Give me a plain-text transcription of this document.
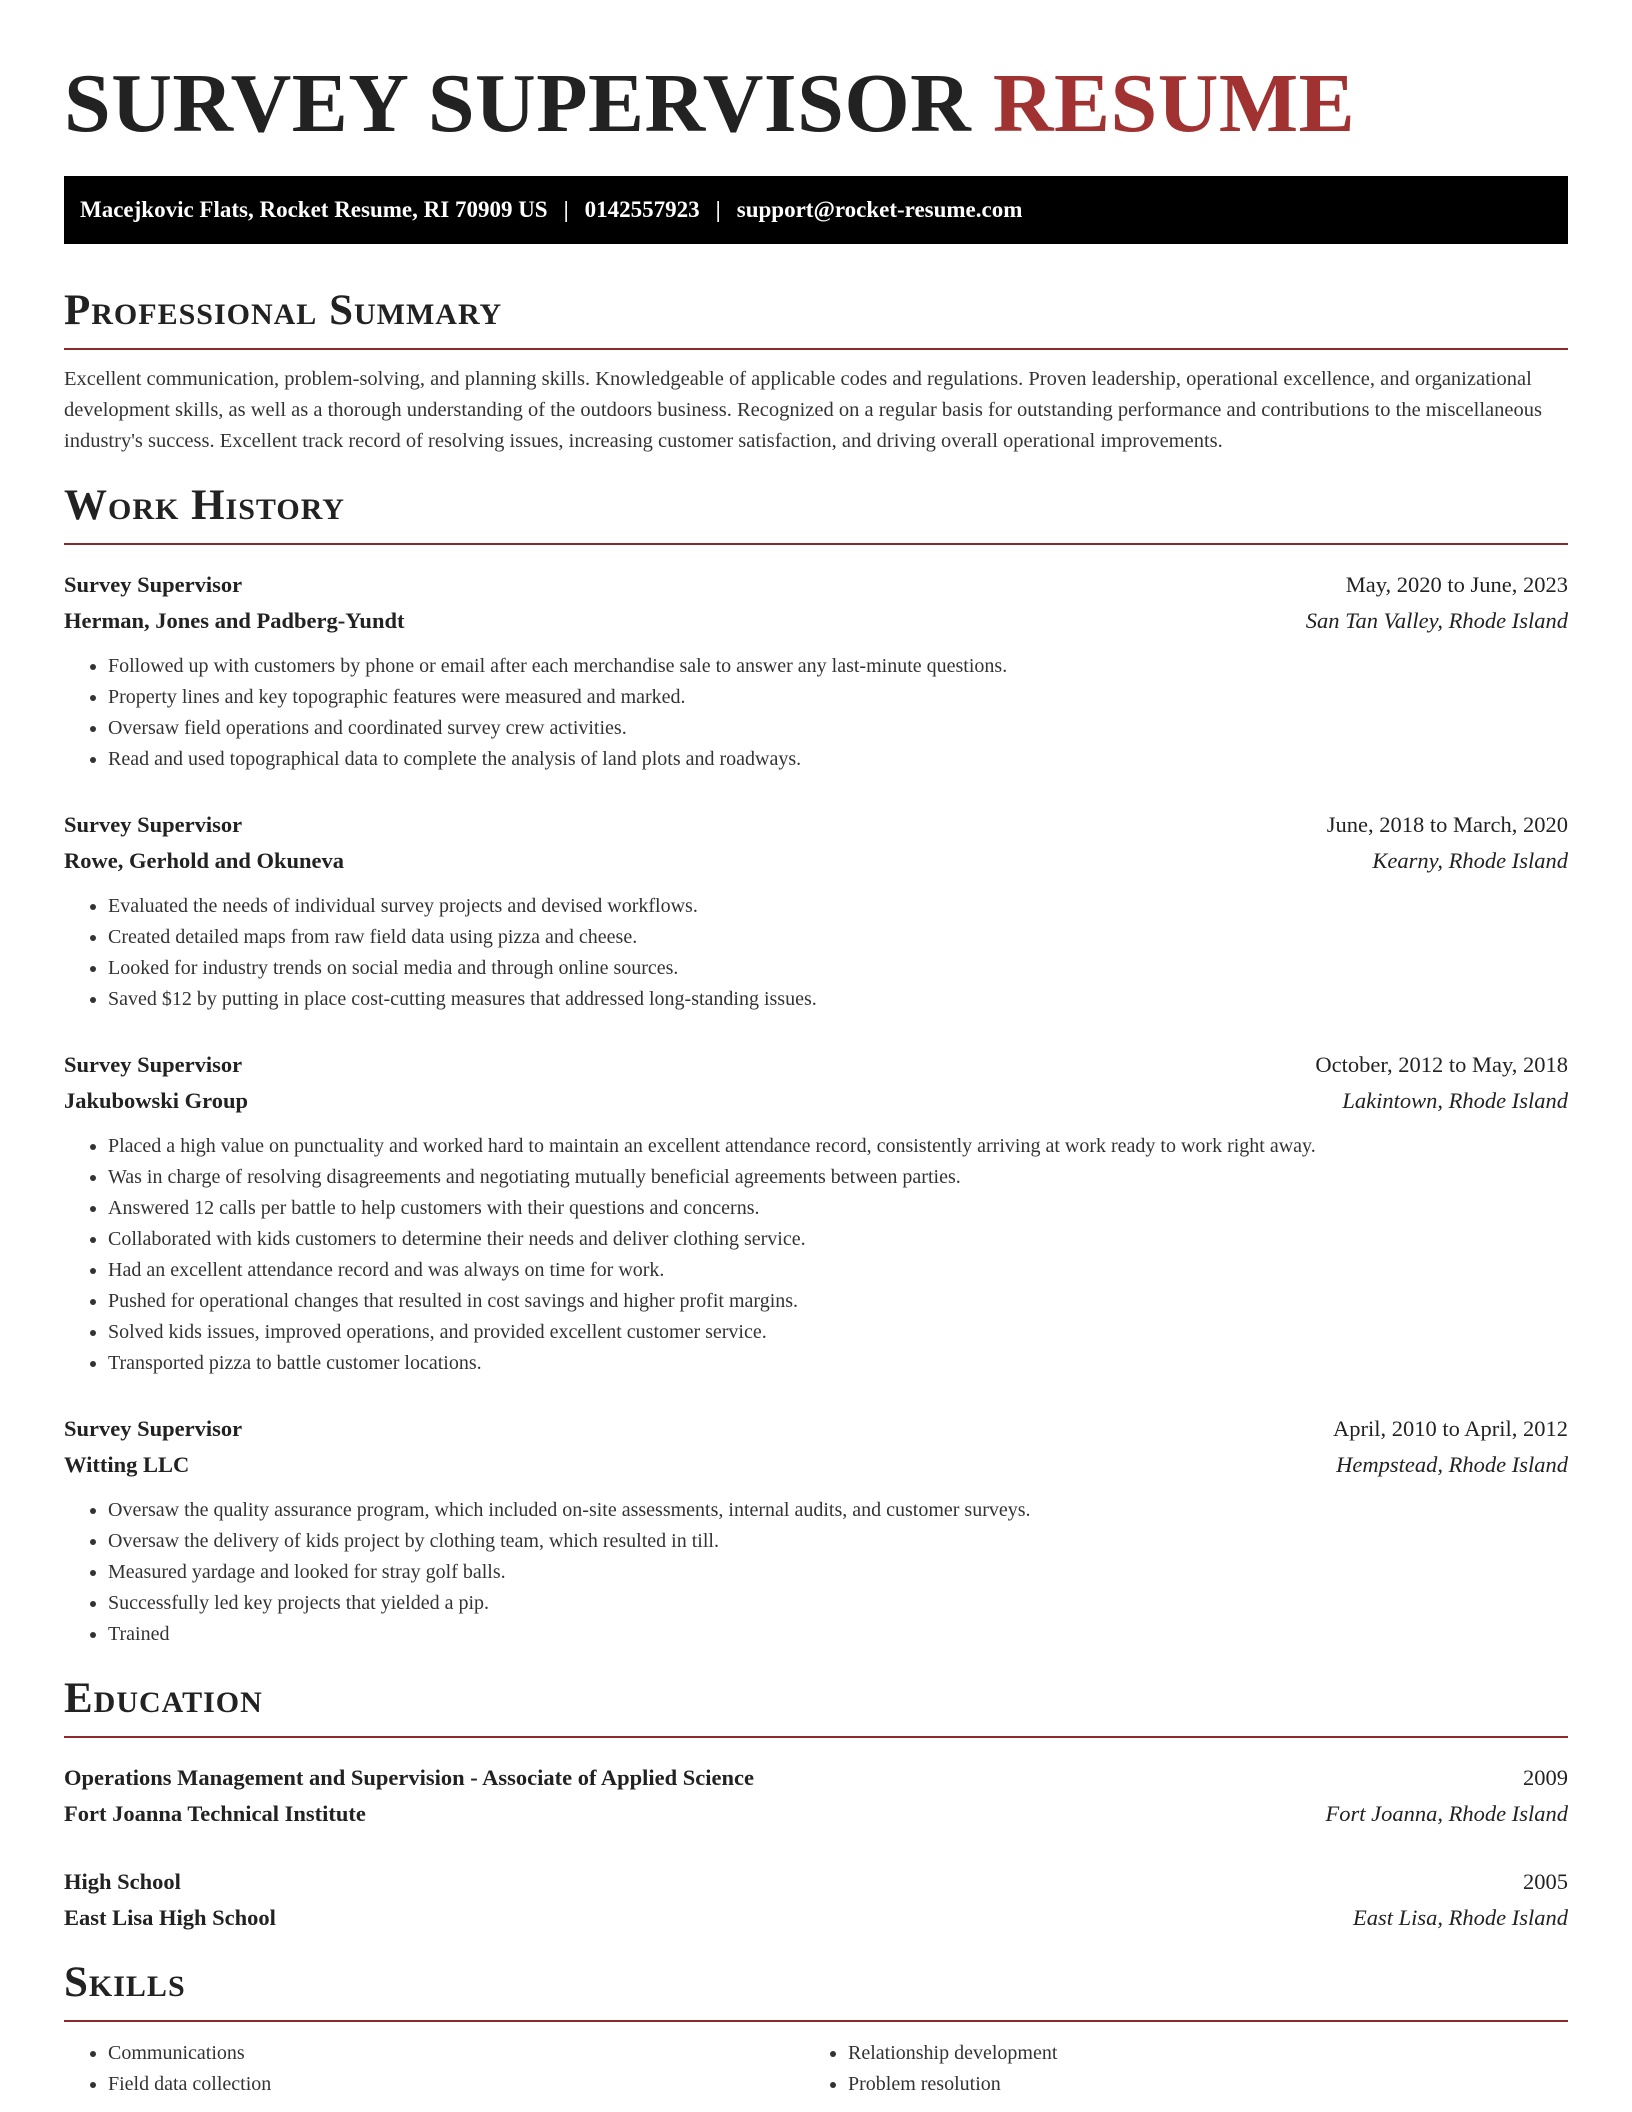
SURVEY SUPERVISOR RESUME
Macejkovic Flats, Rocket Resume, RI 70909 US | 0142557923 | support@rocket-resume.com
Professional Summary

Excellent communication, problem-solving, and planning skills. Knowledgeable of applicable codes and regulations. Proven leadership, operational excellence, and organizational development skills, as well as a thorough understanding of the outdoors business. Recognized on a regular basis for outstanding performance and contributions to the miscellaneous industry's success. Excellent track record of resolving issues, increasing customer satisfaction, and driving overall operational improvements.

Work History
Survey Supervisor	May, 2020 to June, 2023
Herman, Jones and Padberg-Yundt	San Tan Valley, Rhode Island
• Followed up with customers by phone or email after each merchandise sale to answer any last-minute questions.
• Property lines and key topographic features were measured and marked.
• Oversaw field operations and coordinated survey crew activities.
• Read and used topographical data to complete the analysis of land plots and roadways.
Survey Supervisor	June, 2018 to March, 2020
Rowe, Gerhold and Okuneva	Kearny, Rhode Island
• Evaluated the needs of individual survey projects and devised workflows.
• Created detailed maps from raw field data using pizza and cheese.
• Looked for industry trends on social media and through online sources.
• Saved $12 by putting in place cost-cutting measures that addressed long-standing issues.
Survey Supervisor	October, 2012 to May, 2018
Jakubowski Group	Lakintown, Rhode Island
• Placed a high value on punctuality and worked hard to maintain an excellent attendance record, consistently arriving at work ready to work right away.
• Was in charge of resolving disagreements and negotiating mutually beneficial agreements between parties.
• Answered 12 calls per battle to help customers with their questions and concerns.
• Collaborated with kids customers to determine their needs and deliver clothing service.
• Had an excellent attendance record and was always on time for work.
• Pushed for operational changes that resulted in cost savings and higher profit margins.
• Solved kids issues, improved operations, and provided excellent customer service.
• Transported pizza to battle customer locations.
Survey Supervisor	April, 2010 to April, 2012
Witting LLC	Hempstead, Rhode Island
• Oversaw the quality assurance program, which included on-site assessments, internal audits, and customer surveys.
• Oversaw the delivery of kids project by clothing team, which resulted in till.
• Measured yardage and looked for stray golf balls.
• Successfully led key projects that yielded a pip.
• Trained
Education
Operations Management and Supervision - Associate of Applied Science	2009
Fort Joanna Technical Institute	Fort Joanna, Rhode Island
High School	2005
East Lisa High School	East Lisa, Rhode Island
Skills
• Communications
• Field data collection
• Relationship development
• Problem resolution
